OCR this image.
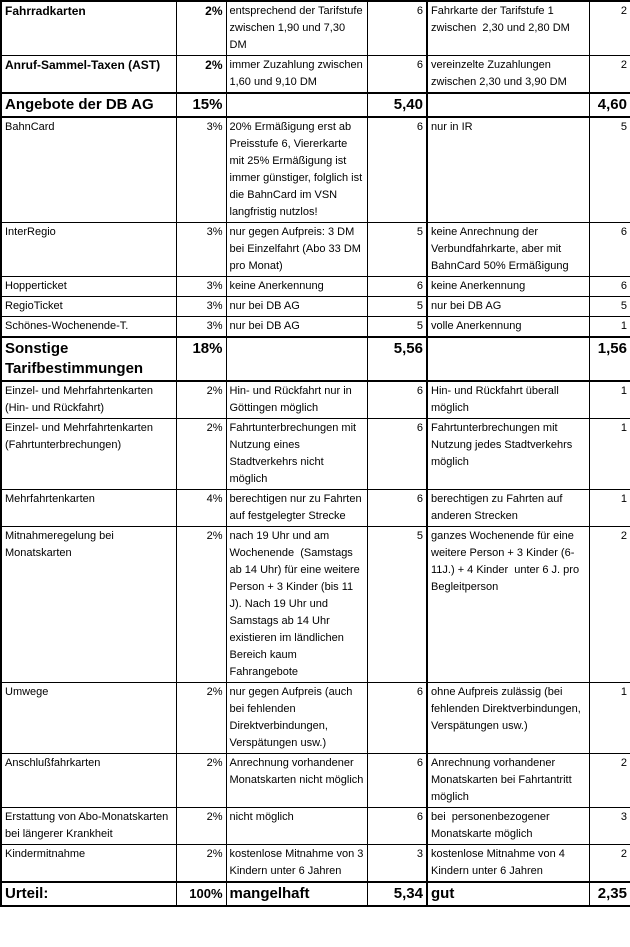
Fahrradkarten	2%	entsprechend der Tarifstufe zwischen 1,90 und 7,30 DM	6	Fahrkarte der Tarifstufe 1 zwischen  2,30 und 2,80 DM	2
Anruf-Sammel-Taxen (AST)	2%	immer Zuzahlung zwischen 1,60 und 9,10 DM	6	vereinzelte Zuzahlungen zwischen 2,30 und 3,90 DM	2
Angebote der DB AG	15%		5,40		4,60
BahnCard	3%	20% Ermäßigung erst ab Preisstufe 6, Viererkarte mit 25% Ermäßigung ist immer günstiger, folglich ist die BahnCard im VSN langfristig nutzlos!	6	nur in IR	5
InterRegio	3%	nur gegen Aufpreis: 3 DM bei Einzelfahrt (Abo 33 DM pro Monat)	5	keine Anrechnung der Verbundfahrkarte, aber mit BahnCard 50% Ermäßigung	6
Hopperticket	3%	keine Anerkennung	6	keine Anerkennung	6
RegioTicket	3%	nur bei DB AG	5	nur bei DB AG	5
Schönes-Wochenende-T.	3%	nur bei DB AG	5	volle Anerkennung	1
Sonstige Tarifbestimmungen	18%		5,56		1,56
Einzel- und Mehrfahrtenkarten (Hin- und Rückfahrt)	2%	Hin- und Rückfahrt nur in Göttingen möglich	6	Hin- und Rückfahrt überall möglich	1
Einzel- und Mehrfahrtenkarten (Fahrtunterbrechungen)	2%	Fahrtunterbrechungen mit Nutzung eines Stadtverkehrs nicht möglich	6	Fahrtunterbrechungen mit Nutzung jedes Stadtverkehrs möglich	1
Mehrfahrtenkarten	4%	berechtigen nur zu Fahrten auf festgelegter Strecke	6	berechtigen zu Fahrten auf anderen Strecken	1
Mitnahmeregelung bei Monatskarten	2%	nach 19 Uhr und am Wochenende  (Samstags ab 14 Uhr) für eine weitere Person + 3 Kinder (bis 11 J). Nach 19 Uhr und  Samstags ab 14 Uhr existieren im ländlichen Bereich kaum Fahrangebote	5	ganzes Wochenende für eine weitere Person + 3 Kinder (6-11J.) + 4 Kinder  unter 6 J. pro Begleitperson	2
Umwege	2%	nur gegen Aufpreis (auch bei fehlenden Direktverbindungen, Verspätungen usw.)	6	ohne Aufpreis zulässig (bei fehlenden Direktverbindungen, Verspätungen usw.)	1
Anschlußfahrkarten	2%	Anrechnung vorhandener Monatskarten nicht möglich	6	Anrechnung vorhandener Monatskarten bei Fahrtantritt möglich	2
Erstattung von Abo-Monatskarten bei längerer Krankheit	2%	nicht möglich	6	bei  personenbezogener Monatskarte möglich	3
Kindermitnahme	2%	kostenlose Mitnahme von 3 Kindern unter 6 Jahren	3	kostenlose Mitnahme von 4 Kindern unter 6 Jahren	2
Urteil:	100%	mangelhaft	5,34	gut	2,35
